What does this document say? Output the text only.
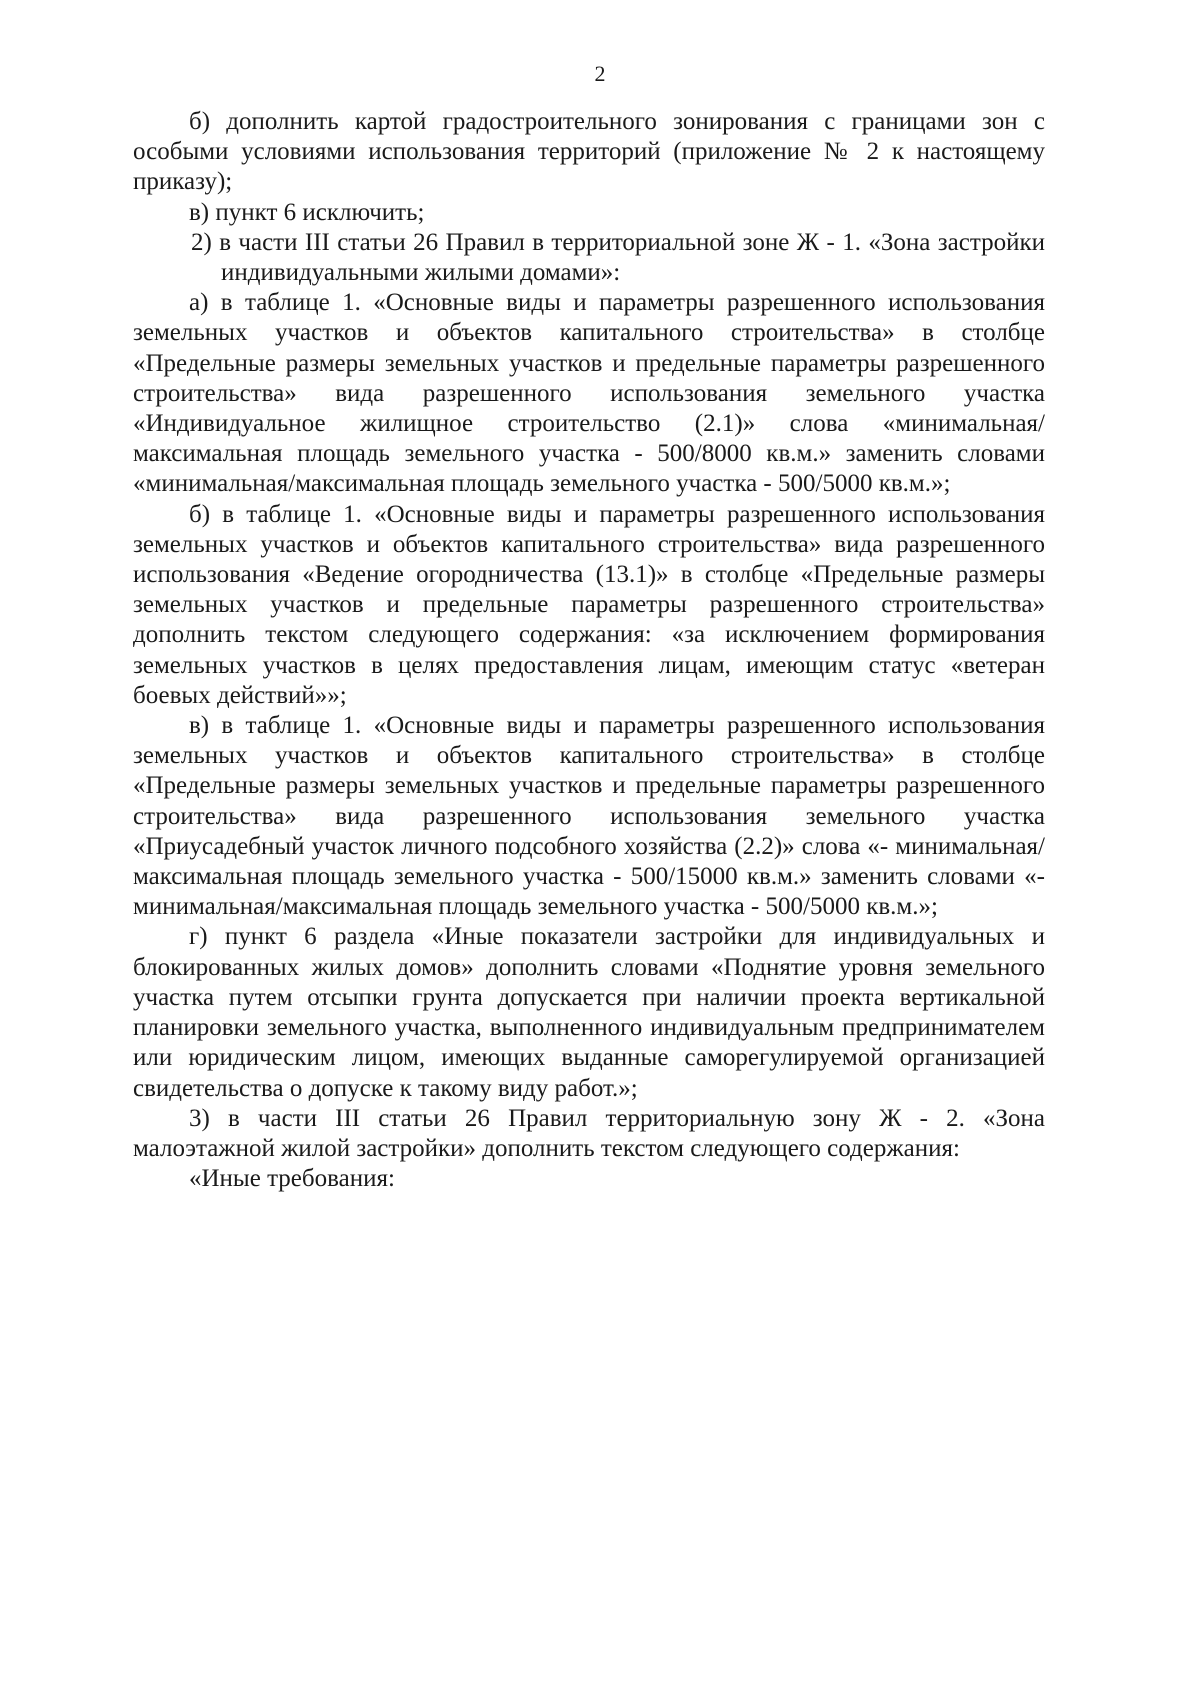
2

б) дополнить картой градостроительного зонирования с границами зон с особыми условиями использования территорий (приложение № 2 к настоящему приказу);

в) пункт 6 исключить;

2) в части III статьи 26 Правил в территориальной зоне Ж - 1. «Зона застройки индивидуальными жилыми домами»:

а) в таблице 1. «Основные виды и параметры разрешенного использования земельных участков и объектов капитального строительства» в столбце «Предельные размеры земельных участков и предельные параметры разрешенного строительства» вида разрешенного использования земельного участка «Индивидуальное жилищное строительство (2.1)» слова «минимальная/максимальная площадь земельного участка - 500/8000 кв.м.» заменить словами «минимальная/максимальная площадь земельного участка - 500/5000 кв.м.»;

б) в таблице 1. «Основные виды и параметры разрешенного использования земельных участков и объектов капитального строительства» вида разрешенного использования «Ведение огородничества (13.1)» в столбце «Предельные размеры земельных участков и предельные параметры разрешенного строительства» дополнить текстом следующего содержания: «за исключением формирования земельных участков в целях предоставления лицам, имеющим статус «ветеран боевых действий»»;

в) в таблице 1. «Основные виды и параметры разрешенного использования земельных участков и объектов капитального строительства» в столбце «Предельные размеры земельных участков и предельные параметры разрешенного строительства» вида разрешенного использования земельного участка «Приусадебный участок личного подсобного хозяйства (2.2)» слова «- минимальная/максимальная площадь земельного участка - 500/15000 кв.м.» заменить словами «-минимальная/максимальная площадь земельного участка - 500/5000 кв.м.»;

г) пункт 6 раздела «Иные показатели застройки для индивидуальных и блокированных жилых домов» дополнить словами «Поднятие уровня земельного участка путем отсыпки грунта допускается при наличии проекта вертикальной планировки земельного участка, выполненного индивидуальным предпринимателем или юридическим лицом, имеющих выданные саморегулируемой организацией свидетельства о допуске к такому виду работ.»;

3) в части III статьи 26 Правил территориальную зону Ж - 2. «Зона малоэтажной жилой застройки» дополнить текстом следующего содержания:

«Иные требования:
